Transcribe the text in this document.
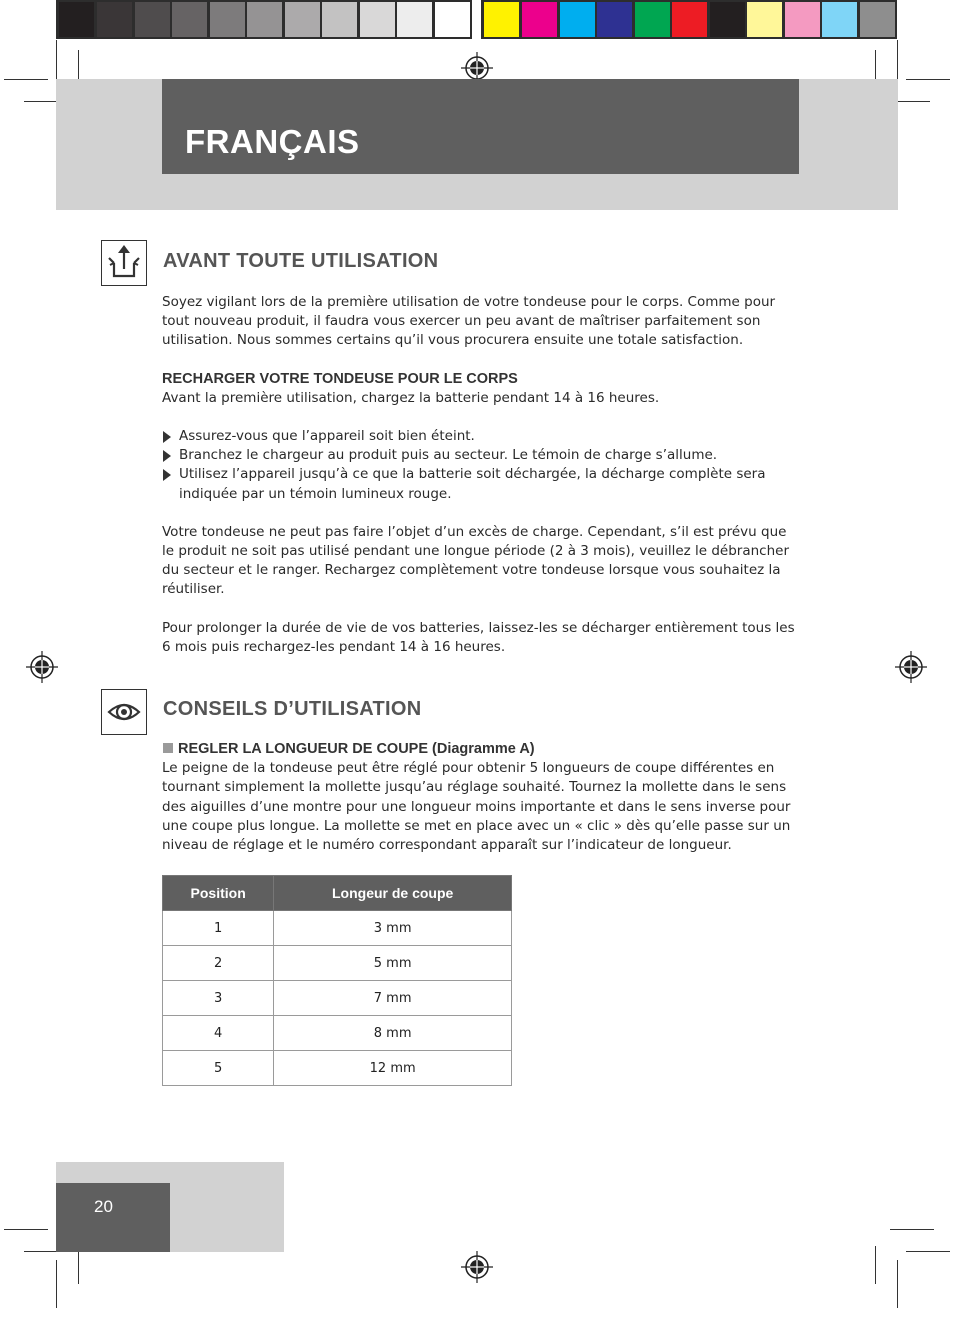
FRANÇAIS
AVANT TOUTE UTILISATION

Soyez vigilant lors de la première utilisation de votre tondeuse pour le corps. Comme pour tout nouveau produit, il faudra vous exercer un peu avant de maîtriser parfaitement son utilisation. Nous sommes certains qu’il vous procurera ensuite une totale satisfaction.

RECHARGER VOTRE TONDEUSE POUR LE CORPS

Avant la première utilisation, chargez la batterie pendant 14 à 16 heures.

Assurez-vous que l’appareil soit bien éteint.
Branchez le chargeur au produit puis au secteur. Le témoin de charge s’allume.
Utilisez l’appareil jusqu’à ce que la batterie soit déchargée, la décharge complète sera indiquée par un témoin lumineux rouge.

Votre tondeuse ne peut pas faire l’objet d’un excès de charge. Cependant, s’il est prévu que le produit ne soit pas utilisé pendant une longue période (2 à 3 mois), veuillez le débrancher du secteur et le ranger. Rechargez complètement votre tondeuse lorsque vous souhaitez la réutiliser.

Pour prolonger la durée de vie de vos batteries, laissez-les se décharger entièrement tous les 6 mois puis rechargez-les pendant 14 à 16 heures.

CONSEILS D’UTILISATION

REGLER LA LONGUEUR DE COUPE (Diagramme A)

Le peigne de la tondeuse peut être réglé pour obtenir 5 longueurs de coupe différentes en tournant simplement la mollette jusqu’au réglage souhaité. Tournez la mollette dans le sens des aiguilles d’une montre pour une longueur moins importante et dans le sens inverse pour une coupe plus longue. La mollette se met en place avec un « clic » dès qu’elle passe sur un niveau de réglage et le numéro correspondant apparaît sur l’indicateur de longueur.

Position	Longeur de coupe
1	3 mm
2	5 mm
3	7 mm
4	8 mm
5	12 mm
20
